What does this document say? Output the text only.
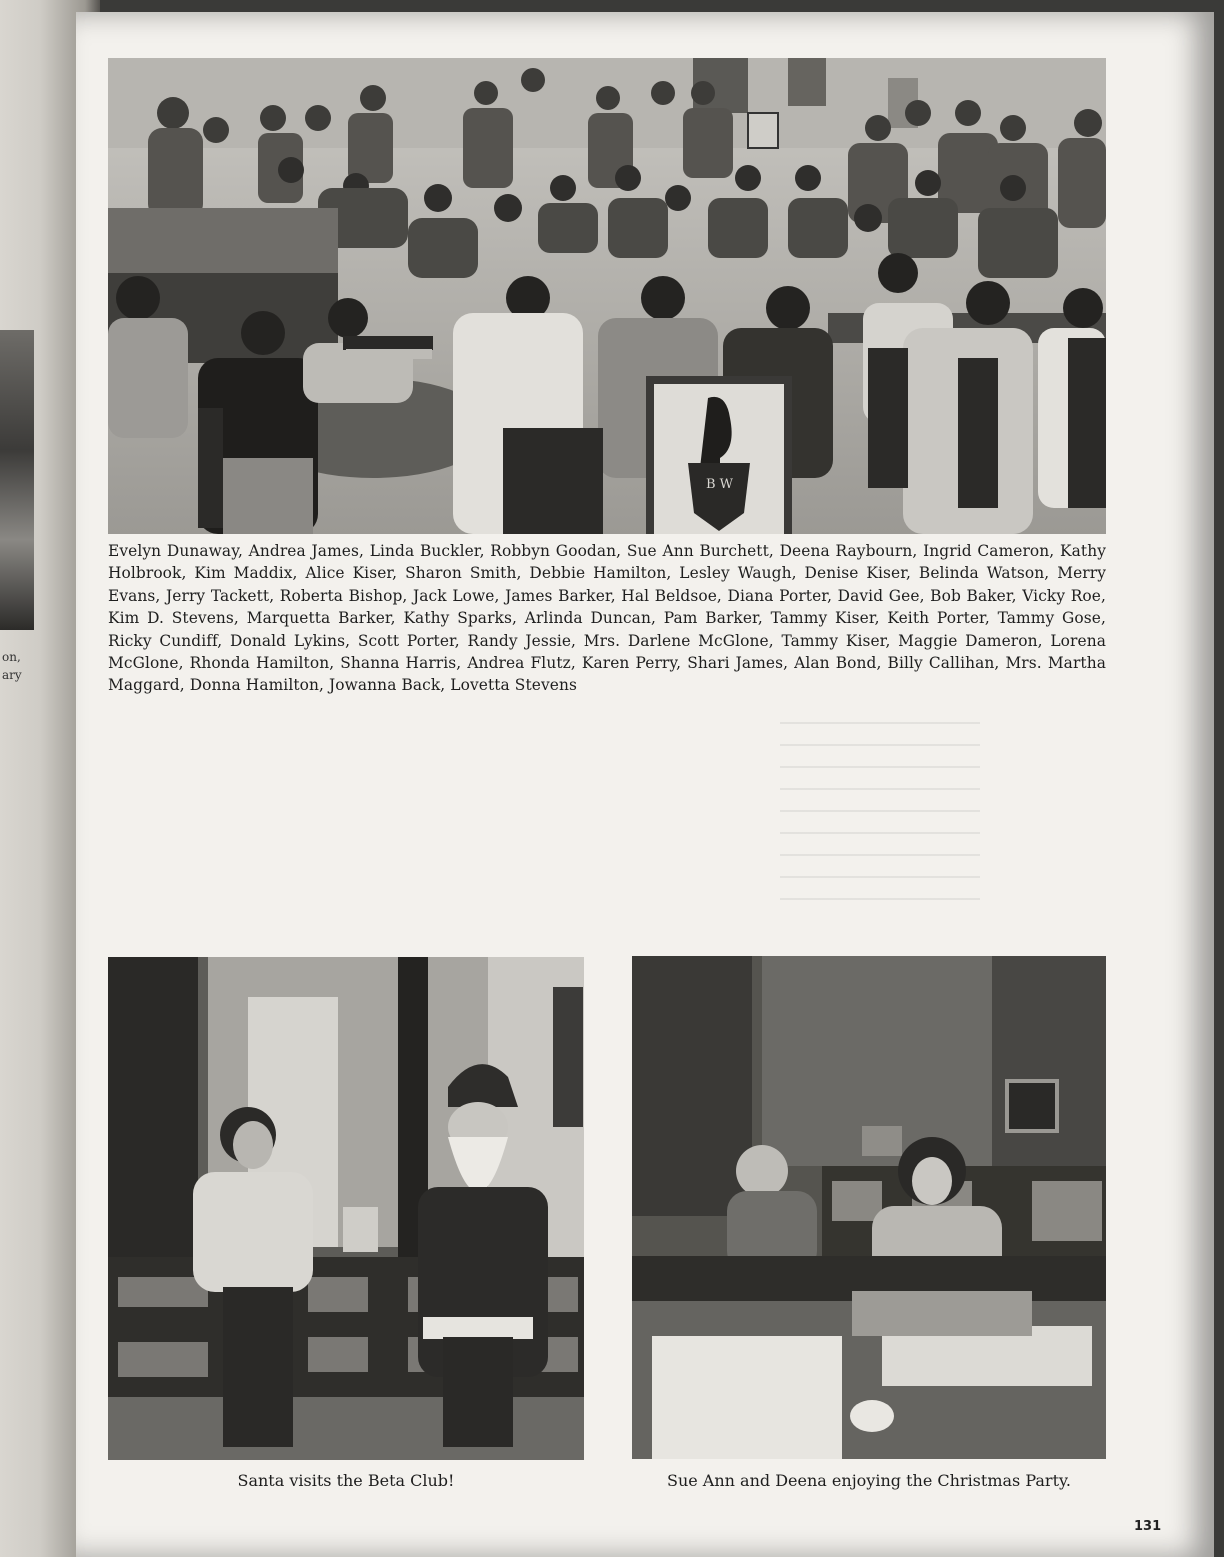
on,
ary
B W
Evelyn Dunaway, Andrea James, Linda Buckler, Robbyn Goodan, Sue Ann Burchett, Deena Raybourn, Ingrid Cameron, Kathy Holbrook, Kim Maddix, Alice Kiser, Sharon Smith, Debbie Hamilton, Lesley Waugh, Denise Kiser, Belinda Watson, Merry Evans, Jerry Tackett, Roberta Bishop, Jack Lowe, James Barker, Hal Beldsoe, Diana Porter, David Gee, Bob Baker, Vicky Roe, Kim D. Stevens, Marquetta Barker, Kathy Sparks, Arlinda Duncan, Pam Barker, Tammy Kiser, Keith Porter, Tammy Gose, Ricky Cundiff, Donald Lykins, Scott Porter, Randy Jessie, Mrs. Darlene McGlone, Tammy Kiser, Maggie Dameron, Lorena McGlone, Rhonda Hamilton, Shanna Harris, Andrea Flutz, Karen Perry, Shari James, Alan Bond, Billy Callihan, Mrs. Martha Maggard, Donna Hamilton, Jowanna Back, Lovetta Stevens
Santa visits the Beta Club!	Sue Ann and Deena enjoying the Christmas Party.
131
